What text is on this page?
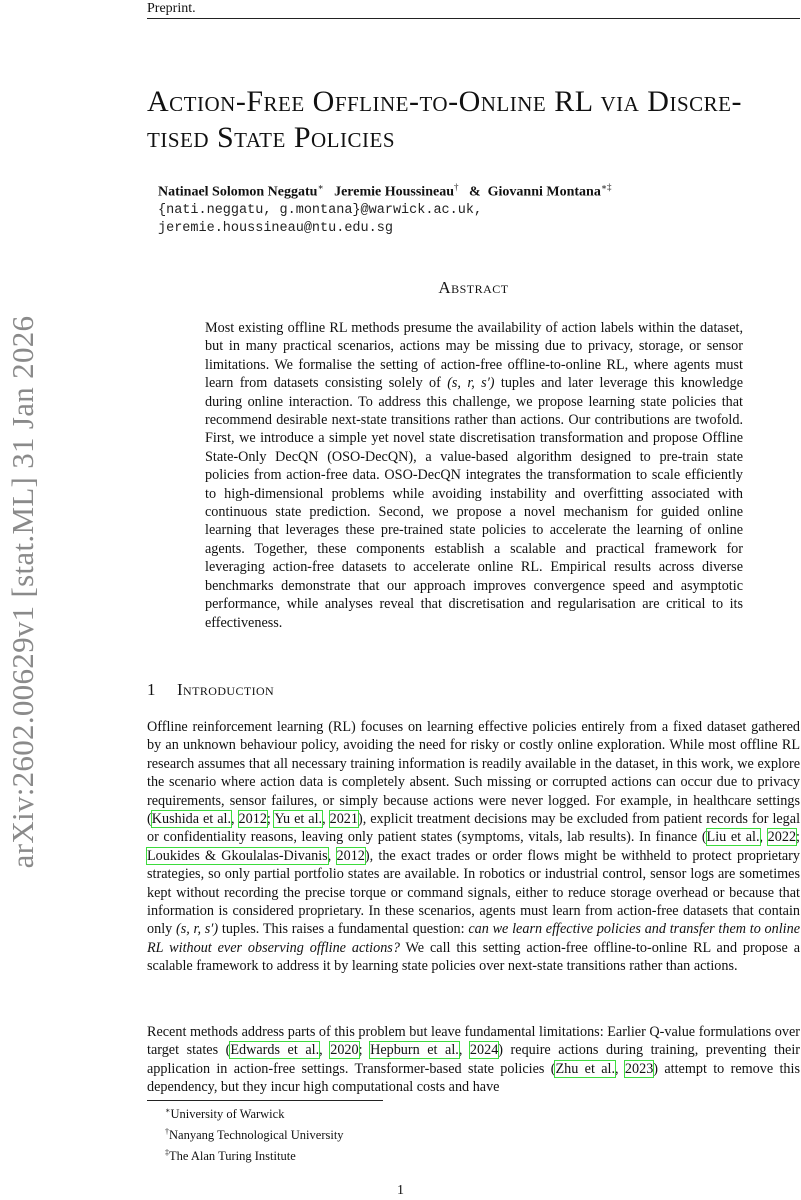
Preprint.
arXiv:2602.00629v1 [stat.ML] 31 Jan 2026
Action-Free Offline-to-Online RL via Discre-
tised State Policies
Natinael Solomon Neggatu∗ Jeremie Houssineau† & Giovanni Montana∗‡
{nati.neggatu, g.montana}@warwick.ac.uk,
jeremie.houssineau@ntu.edu.sg
Abstract

Most existing offline RL methods presume the availability of action labels within the dataset, but in many practical scenarios, actions may be missing due to privacy, storage, or sensor limitations. We formalise the setting of action-free offline-to-online RL, where agents must learn from datasets consisting solely of (s, r, s′) tuples and later leverage this knowledge during online interaction. To address this challenge, we propose learning state policies that recommend desirable next-state transitions rather than actions. Our contributions are twofold. First, we introduce a simple yet novel state discretisation transformation and propose Offline State-Only DecQN (OSO-DecQN), a value-based algorithm designed to pre-train state policies from action-free data. OSO-DecQN integrates the transformation to scale efficiently to high-dimensional problems while avoiding instability and overfitting associated with continuous state prediction. Second, we propose a novel mechanism for guided online learning that leverages these pre-trained state policies to accelerate the learning of online agents. Together, these components establish a scalable and practical framework for leveraging action-free datasets to accelerate online RL. Empirical results across diverse benchmarks demonstrate that our approach improves convergence speed and asymptotic performance, while analyses reveal that discretisation and regularisation are critical to its effectiveness.

1 Introduction

Offline reinforcement learning (RL) focuses on learning effective policies entirely from a fixed dataset gathered by an unknown behaviour policy, avoiding the need for risky or costly online exploration. While most offline RL research assumes that all necessary training information is readily available in the dataset, in this work, we explore the scenario where action data is completely absent. Such missing or corrupted actions can occur due to privacy requirements, sensor failures, or simply because actions were never logged. For example, in healthcare settings (Kushida et al., 2012; Yu et al., 2021), explicit treatment decisions may be excluded from patient records for legal or confidentiality reasons, leaving only patient states (symptoms, vitals, lab results). In finance (Liu et al., 2022; Loukides & Gkoulalas-Divanis, 2012), the exact trades or order flows might be withheld to protect proprietary strategies, so only partial portfolio states are available. In robotics or industrial control, sensor logs are sometimes kept without recording the precise torque or command signals, either to reduce storage overhead or because that information is considered proprietary. In these scenarios, agents must learn from action-free datasets that contain only (s, r, s′) tuples. This raises a fundamental question: can we learn effective policies and transfer them to online RL without ever observing offline actions? We call this setting action-free offline-to-online RL and propose a scalable framework to address it by learning state policies over next-state transitions rather than actions.

Recent methods address parts of this problem but leave fundamental limitations: Earlier Q-value formulations over target states (Edwards et al., 2020; Hepburn et al., 2024) require actions during training, preventing their application in action-free settings. Transformer-based state policies (Zhu et al., 2023) attempt to remove this dependency, but they incur high computational costs and have

∗University of Warwick
†Nanyang Technological University
‡The Alan Turing Institute
1
